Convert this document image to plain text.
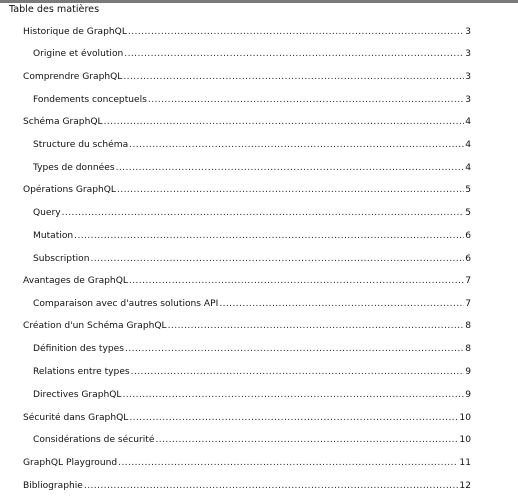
Table des matières
Historique de GraphQL .....	3
Origine et évolution .....	3
Comprendre GraphQL .....	3
Fondements conceptuels .....	3
Schéma GraphQL .....	4
Structure du schéma .....	4
Types de données .....	4
Opérations GraphQL .....	5
Query .....	5
Mutation .....	6
Subscription .....	6
Avantages de GraphQL .....	7
Comparaison avec d'autres solutions API .....	7
Création d'un Schéma GraphQL .....	8
Définition des types .....	8
Relations entre types .....	9
Directives GraphQL .....	9
Sécurité dans GraphQL .....	10
Considérations de sécurité .....	10
GraphQL Playground .....	11
Bibliographie .....	12
